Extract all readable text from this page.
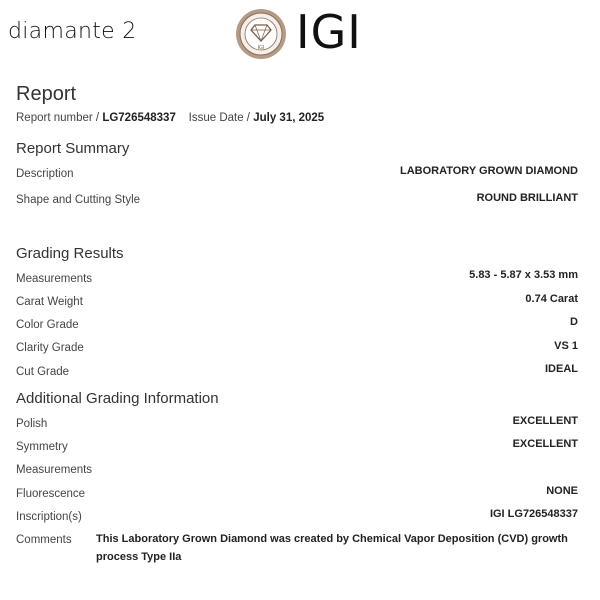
diamante 2
IGI IGI
Report
Report number / LG726548337 Issue Date / July 31, 2025
Report Summary
Description	LABORATORY GROWN DIAMOND
Shape and Cutting Style	ROUND BRILLIANT
Grading Results
Measurements	5.83 - 5.87 x 3.53 mm
Carat Weight	0.74 Carat
Color Grade	D
Clarity Grade	VS 1
Cut Grade	IDEAL
Additional Grading Information
Polish	EXCELLENT
Symmetry	EXCELLENT
Measurements
Fluorescence	NONE
Inscription(s)	IGI LG726548337
Comments This Laboratory Grown Diamond was created by Chemical Vapor Deposition (CVD) growth process Type IIa
